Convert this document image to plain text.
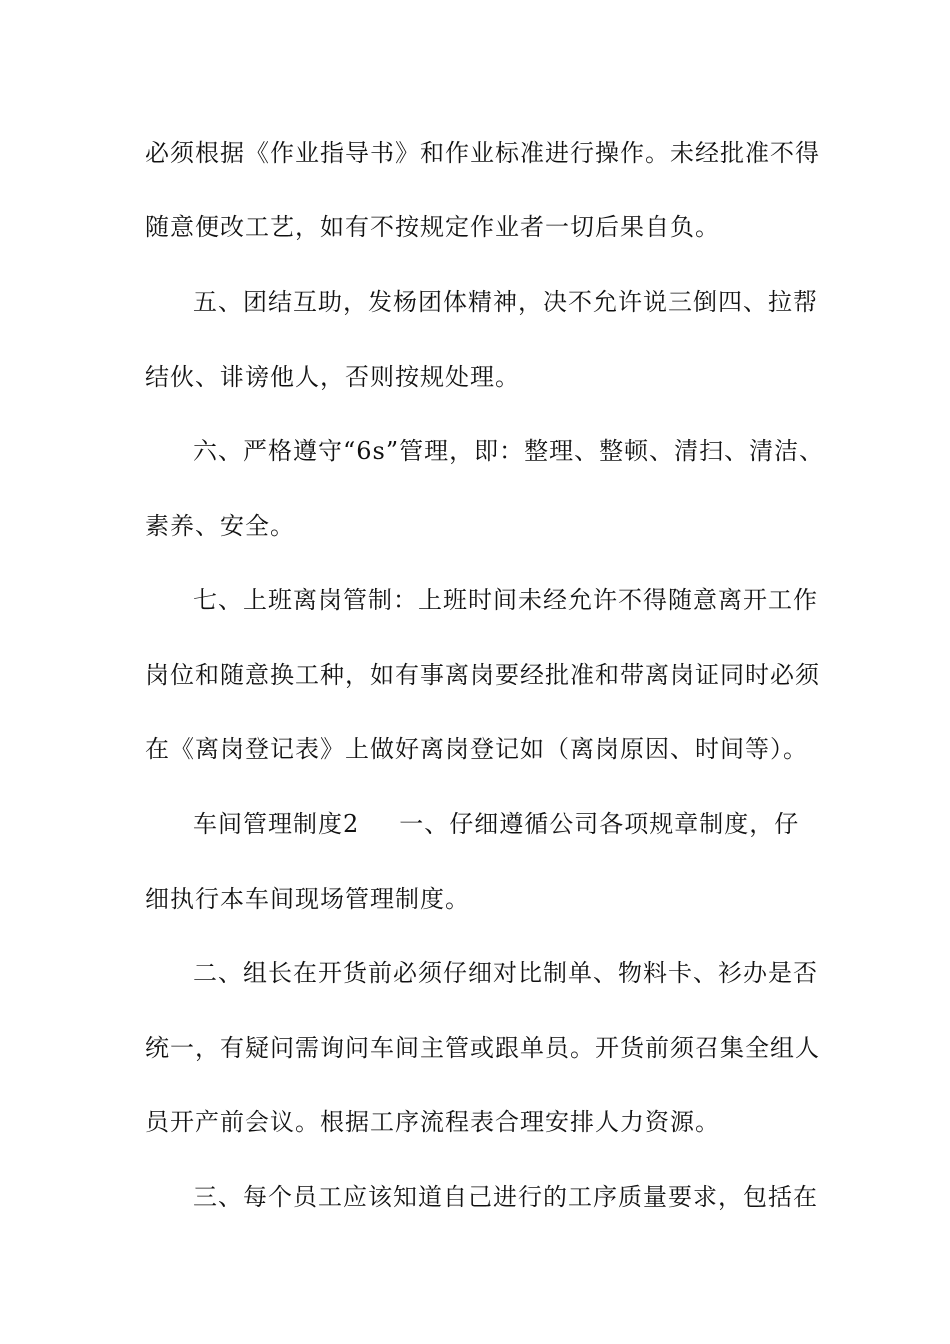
必须根据《作业指导书》和作业标准进行操作。未经批准不得
随意便改工艺，如有不按规定作业者一切后果自负。
五、团结互助，发杨团体精神，决不允许说三倒四、拉帮
结伙、诽谤他人，否则按规处理。
六、严格遵守“6s”管理，即：整理、整顿、清扫、清洁、
素养、安全。
七、上班离岗管制：上班时间未经允许不得随意离开工作
岗位和随意换工种，如有事离岗要经批准和带离岗证同时必须
在《离岗登记表》上做好离岗登记如（离岗原因、时间等）。
车间管理制度2 一、仔细遵循公司各项规章制度，仔
细执行本车间现场管理制度。
二、组长在开货前必须仔细对比制单、物料卡、衫办是否
统一，有疑问需询问车间主管或跟单员。开货前须召集全组人
员开产前会议。根据工序流程表合理安排人力资源。
三、每个员工应该知道自己进行的工序质量要求，包括在
